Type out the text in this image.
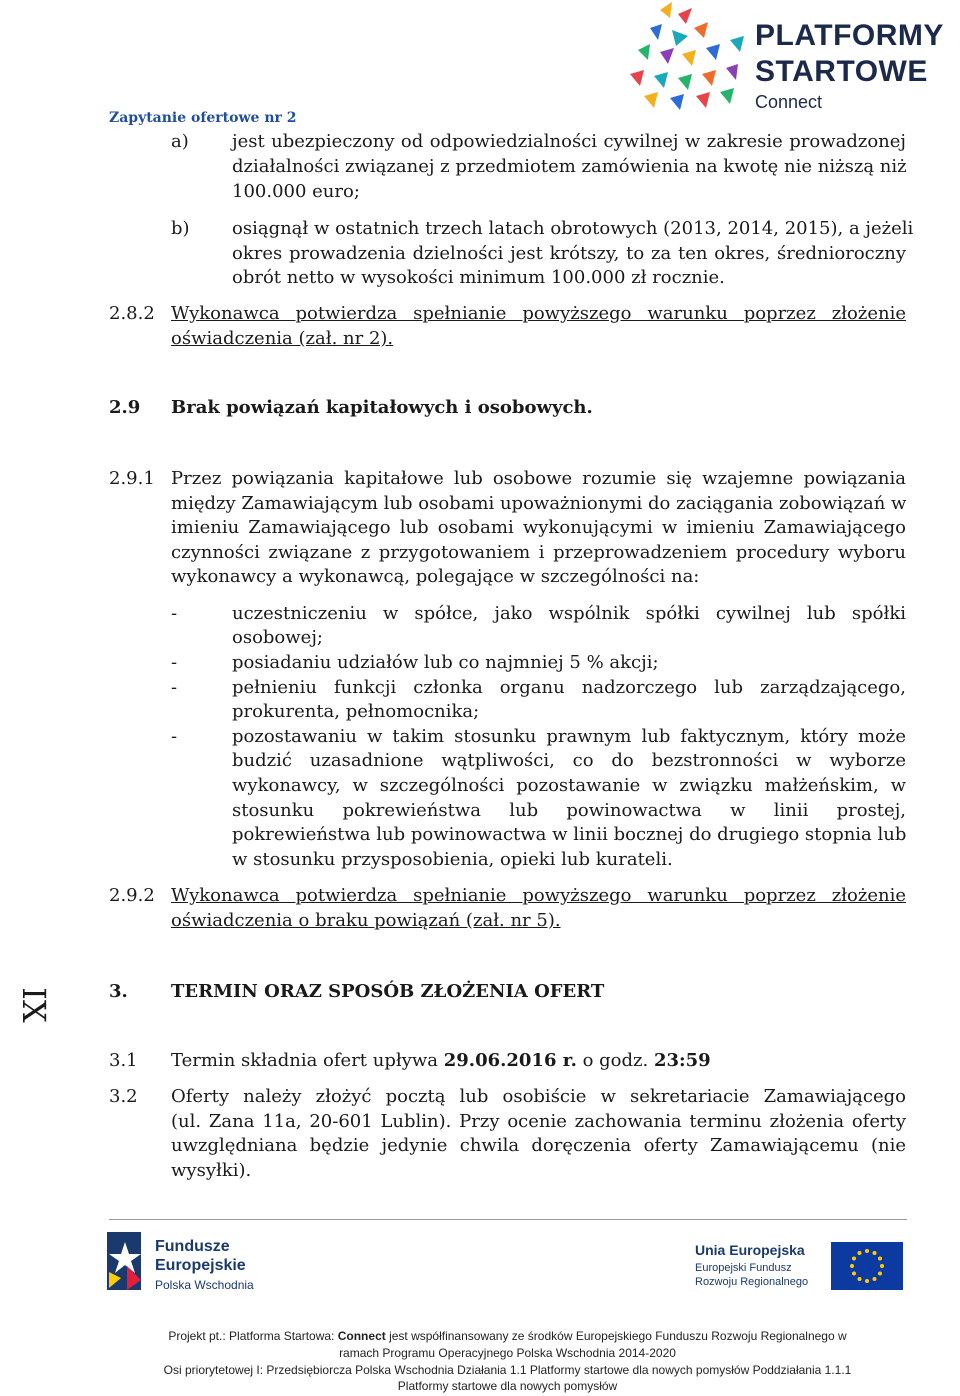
Zapytanie ofertowe nr 2
PLATFORMY
STARTOWE
Connect
a) jest ubezpieczony od odpowiedzialności cywilnej w zakresie prowadzonej
działalności związanej z przedmiotem zamówienia na kwotę nie niższą niż
100.000 euro;
b) osiągnął w ostatnich trzech latach obrotowych (2013, 2014, 2015), a jeżeli
okres prowadzenia dzielności jest krótszy, to za ten okres, średnioroczny
obrót netto w wysokości minimum 100.000 zł rocznie.
2.8.2 Wykonawca potwierdza spełnianie powyższego warunku poprzez złożenie
oświadczenia (zał. nr 2).
2.9 Brak powiązań kapitałowych i osobowych.
2.9.1 Przez powiązania kapitałowe lub osobowe rozumie się wzajemne powiązania
między Zamawiającym lub osobami upoważnionymi do zaciągania zobowiązań w
imieniu Zamawiającego lub osobami wykonującymi w imieniu Zamawiającego
czynności związane z przygotowaniem i przeprowadzeniem procedury wyboru
wykonawcy a wykonawcą, polegające w szczególności na:
-	uczestniczeniu w spółce, jako wspólnik spółki cywilnej lub spółki
osobowej;
-	posiadaniu udziałów lub co najmniej 5 % akcji;
-	pełnieniu funkcji członka organu nadzorczego lub zarządzającego,
prokurenta, pełnomocnika;
-	pozostawaniu w takim stosunku prawnym lub faktycznym, który może
budzić uzasadnione wątpliwości, co do bezstronności w wyborze
wykonawcy, w szczególności pozostawanie w związku małżeńskim, w
stosunku pokrewieństwa lub powinowactwa w linii prostej,
pokrewieństwa lub powinowactwa w linii bocznej do drugiego stopnia lub
w stosunku przysposobienia, opieki lub kurateli.
2.9.2 Wykonawca potwierdza spełnianie powyższego warunku poprzez złożenie
oświadczenia o braku powiązań (zał. nr 5).
IX	3. TERMIN ORAZ SPOSÓB ZŁOŻENIA OFERT
3.1 Termin składnia ofert upływa 29.06.2016 r. o godz. 23:59
3.2 Oferty należy złożyć pocztą lub osobiście w sekretariacie Zamawiającego
(ul. Zana 11a, 20-601 Lublin). Przy ocenie zachowania terminu złożenia oferty
uwzględniana będzie jedynie chwila doręczenia oferty Zamawiającemu (nie
wysyłki).
Fundusze
Europejskie
Polska Wschodnia
Unia Europejska
Europejski Fundusz
Rozwoju Regionalnego
Projekt pt.: Platforma Startowa: Connect jest współfinansowany ze środków Europejskiego Funduszu Rozwoju Regionalnego w
ramach Programu Operacyjnego Polska Wschodnia 2014-2020
Osi priorytetowej I: Przedsiębiorcza Polska Wschodnia Działania 1.1 Platformy startowe dla nowych pomysłów Poddziałania 1.1.1
Platformy startowe dla nowych pomysłów
